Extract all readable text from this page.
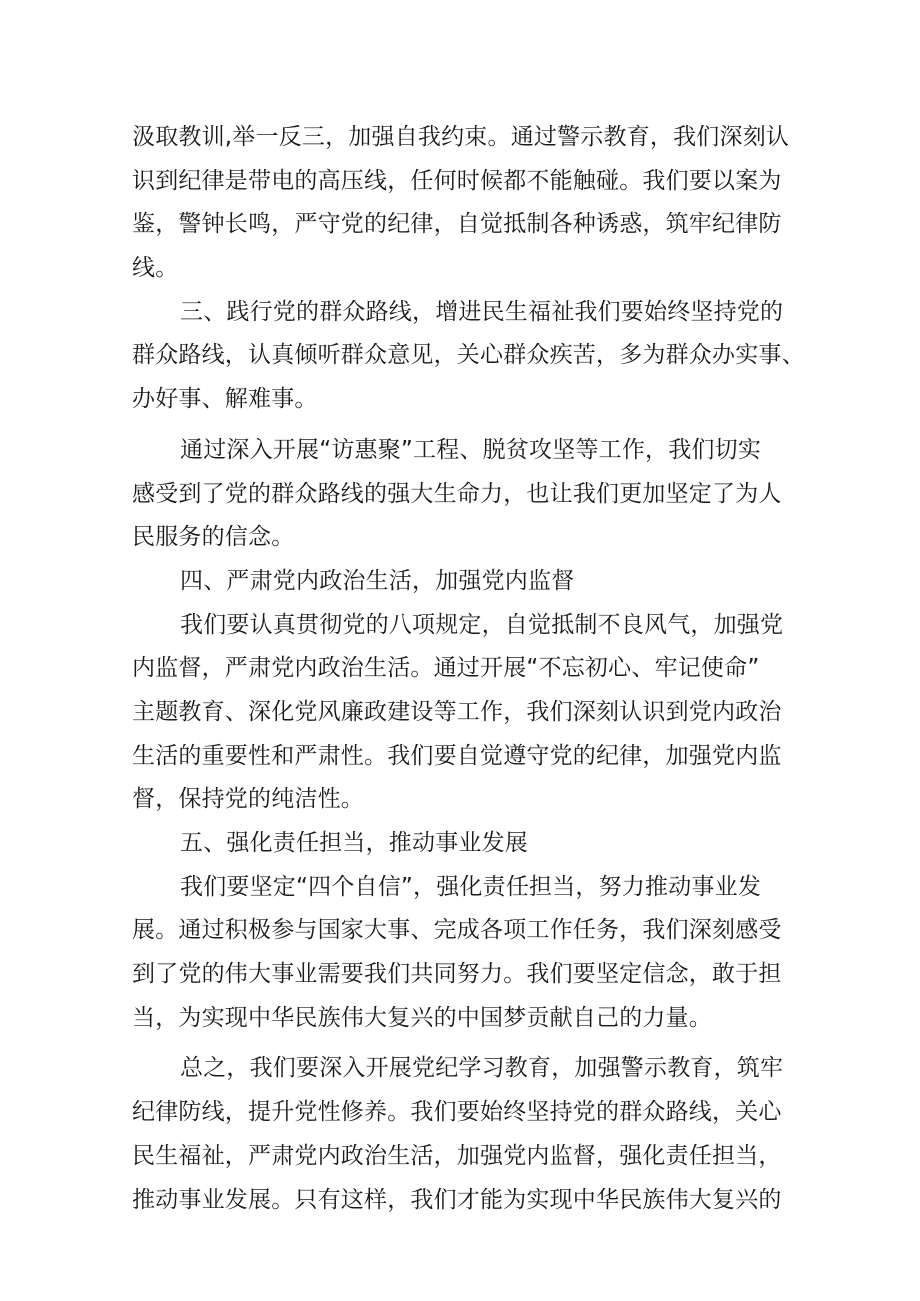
汲取教训,举一反三，加强自我约束。通过警示教育，我们深刻认
识到纪律是带电的高压线，任何时候都不能触碰。我们要以案为
鉴，警钟长鸣，严守党的纪律，自觉抵制各种诱惑，筑牢纪律防
线。
三、践行党的群众路线，增进民生福祉我们要始终坚持党的
群众路线，认真倾听群众意见，关心群众疾苦，多为群众办实事、
办好事、解难事。
通过深入开展“访惠聚”工程、脱贫攻坚等工作，我们切实
感受到了党的群众路线的强大生命力，也让我们更加坚定了为人
民服务的信念。
四、严肃党内政治生活，加强党内监督
我们要认真贯彻党的八项规定，自觉抵制不良风气，加强党
内监督，严肃党内政治生活。通过开展“不忘初心、牢记使命”
主题教育、深化党风廉政建设等工作，我们深刻认识到党内政治
生活的重要性和严肃性。我们要自觉遵守党的纪律，加强党内监
督，保持党的纯洁性。
五、强化责任担当，推动事业发展
我们要坚定“四个自信”，强化责任担当，努力推动事业发
展。通过积极参与国家大事、完成各项工作任务，我们深刻感受
到了党的伟大事业需要我们共同努力。我们要坚定信念，敢于担
当，为实现中华民族伟大复兴的中国梦贡献自己的力量。
总之，我们要深入开展党纪学习教育，加强警示教育，筑牢
纪律防线，提升党性修养。我们要始终坚持党的群众路线，关心
民生福祉，严肃党内政治生活，加强党内监督，强化责任担当，
推动事业发展。只有这样，我们才能为实现中华民族伟大复兴的
